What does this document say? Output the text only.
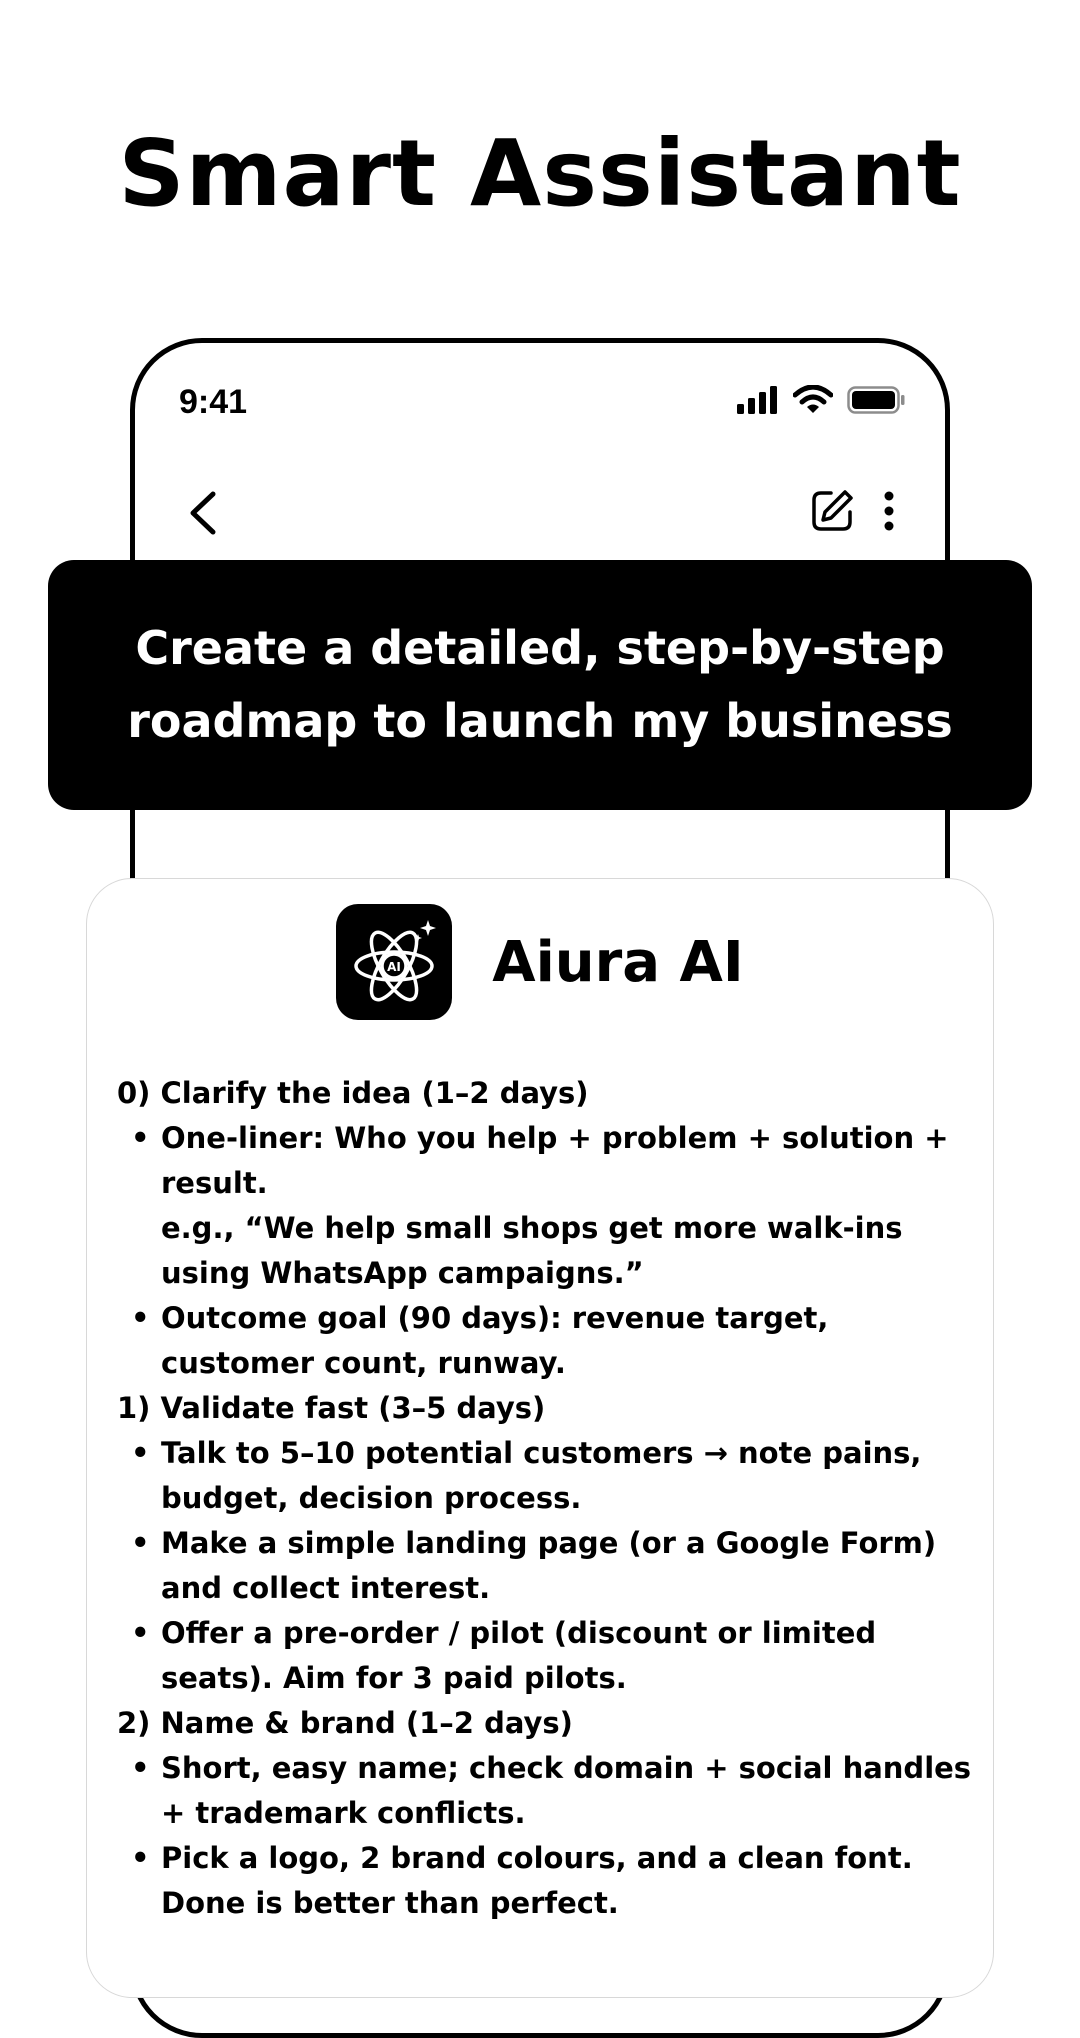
Smart Assistant
9:41
Create a detailed, step-by-step
roadmap to launch my business
AI Aiura AI

0) Clarify the idea (1–2 days)

• One-liner: Who you help + problem + solution + result.
e.g., “We help small shops get more walk-ins using WhatsApp campaigns.”
• Outcome goal (90 days): revenue target, customer count, runway.

1) Validate fast (3–5 days)

• Talk to 5–10 potential customers → note pains, budget, decision process.
• Make a simple landing page (or a Google Form) and collect interest.
• Offer a pre-order / pilot (discount or limited seats). Aim for 3 paid pilots.

2) Name & brand (1–2 days)

• Short, easy name; check domain + social handles + trademark conflicts.
• Pick a logo, 2 brand colours, and a clean font. Done is better than perfect.
